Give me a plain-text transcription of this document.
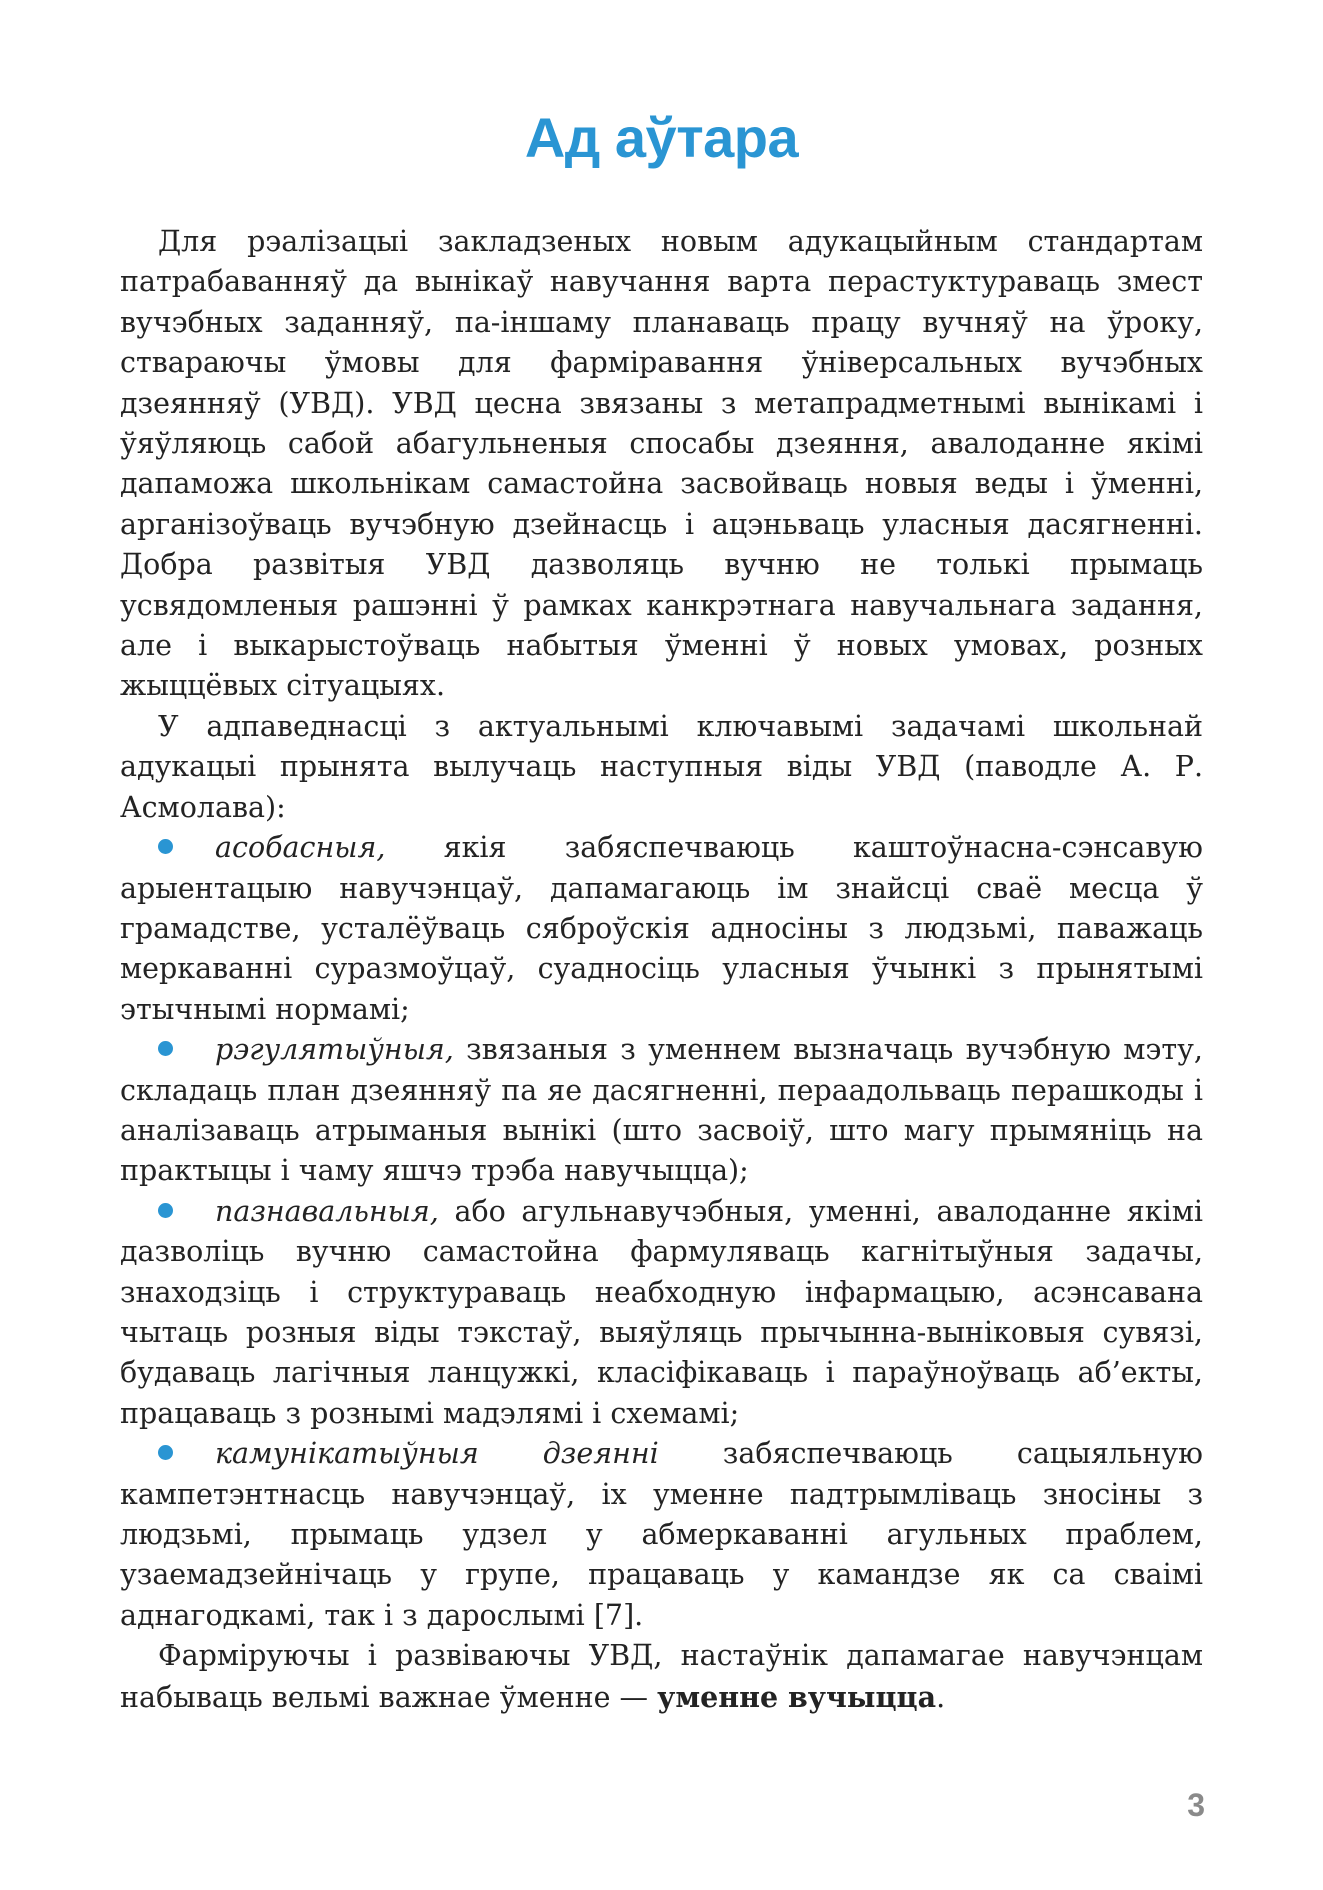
Ад аўтара

Для рэалізацыі закладзеных новым адукацыйным стандартам патрабаванняў да вынікаў навучання варта перастуктураваць змест вучэбных заданняў, па-іншаму планаваць працу вучняў на ўроку, ствараючы ўмовы для фарміравання ўніверсальных вучэбных дзеянняў (УВД). УВД цесна звязаны з метапрадметнымі вынікамі і ўяўляюць сабой абагульненыя спосабы дзеяння, авалоданне якімі дапаможа школьнікам самастойна засвойваць новыя веды і ўменні, арганізоўваць вучэбную дзейнасць і ацэньваць уласныя дасягненні. Добра развітыя УВД дазволяць вучню не толькі прымаць усвядомленыя рашэнні ў рамках канкрэтнага навучальнага задання, але і выкарыстоўваць набытыя ўменні ў новых умовах, розных жыццёвых сітуацыях.

У адпаведнасці з актуальнымі ключавымі задачамі школьнай адукацыі прынята вылучаць наступныя віды УВД (паводле А. Р. Асмолава):

асобасныя, якія забяспечваюць каштоўнасна-сэнсавую арыентацыю навучэнцаў, дапамагаюць ім знайсці сваё месца ў грамадстве, усталёўваць сяброўскія адносіны з людзьмі, паважаць меркаванні суразмоўцаў, суадносіць уласныя ўчынкі з прынятымі этычнымі нормамі;

рэгулятыўныя, звязаныя з уменнем вызначаць вучэбную мэту, складаць план дзеянняў па яе дасягненні, пераадольваць перашкоды і аналізаваць атрыманыя вынікі (што засвоіў, што магу прымяніць на практыцы і чаму яшчэ трэба навучыцца);

пазнавальныя, або агульнавучэбныя, уменні, авалоданне якімі дазволіць вучню самастойна фармуляваць кагнітыўныя задачы, знаходзіць і структураваць неабходную інфармацыю, асэнсавана чытаць розныя віды тэкстаў, выяўляць прычынна-выніковыя сувязі, будаваць лагічныя ланцужкі, класіфікаваць і параўноўваць аб’екты, працаваць з рознымі мадэлямі і схемамі;

камунікатыўныя дзеянні забяспечваюць сацыяльную кампетэнтнасць навучэнцаў, іх уменне падтрымліваць зносіны з людзьмі, прымаць удзел у абмеркаванні агульных праблем, узаемадзейнічаць у групе, працаваць у камандзе як са сваімі аднагодкамі, так і з дарослымі [7].

Фарміруючы і развіваючы УВД, настаўнік дапамагае навучэнцам набываць вельмі важнае ўменне — уменне вучыцца.

3
